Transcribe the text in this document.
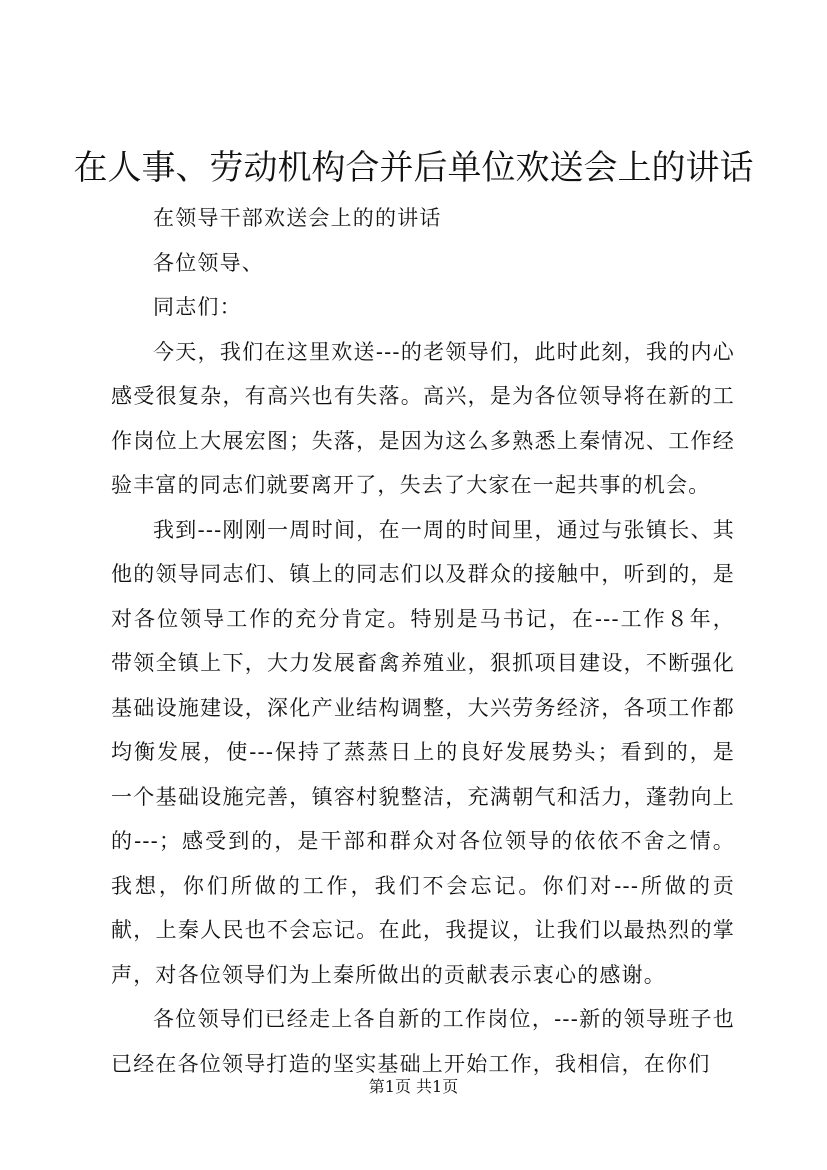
在人事、劳动机构合并后单位欢送会上的讲话

在领导干部欢送会上的的讲话

各位领导、

同志们：

今天，我们在这里欢送---的老领导们，此时此刻，我的内心感受很复杂，有高兴也有失落。高兴，是为各位领导将在新的工作岗位上大展宏图；失落，是因为这么多熟悉上秦情况、工作经验丰富的同志们就要离开了，失去了大家在一起共事的机会。

我到---刚刚一周时间，在一周的时间里，通过与张镇长、其他的领导同志们、镇上的同志们以及群众的接触中，听到的，是对各位领导工作的充分肯定。特别是马书记，在---工作８年，带领全镇上下，大力发展畜禽养殖业，狠抓项目建设，不断强化基础设施建设，深化产业结构调整，大兴劳务经济，各项工作都均衡发展，使---保持了蒸蒸日上的良好发展势头；看到的，是一个基础设施完善，镇容村貌整洁，充满朝气和活力，蓬勃向上的---；感受到的，是干部和群众对各位领导的依依不舍之情。我想，你们所做的工作，我们不会忘记。你们对---所做的贡献，上秦人民也不会忘记。在此，我提议，让我们以最热烈的掌声，对各位领导们为上秦所做出的贡献表示衷心的感谢。

各位领导们已经走上各自新的工作岗位，---新的领导班子也已经在各位领导打造的坚实基础上开始工作，我相信，在你们

第1页 共1页
